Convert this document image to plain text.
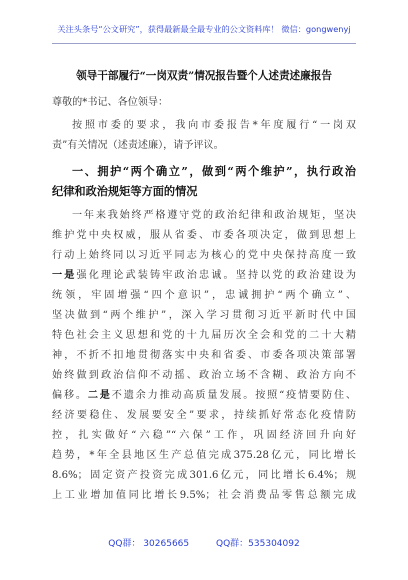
关注头条号“公文研究”，获得最新最全最专业的公文资料库！ 微信：gongwenyj
领导干部履行“一岗双责”情况报告暨个人述责述廉报告
尊敬的*书记、各位领导：
按照市委的要求，我向市委报告*年度履行“一岗双
责”有关情况（述责述廉），请予评议。
一、拥护“两个确立”，做到“两个维护”，执行政治
纪律和政治规矩等方面的情况
一年来我始终严格遵守党的政治纪律和政治规矩，坚决
维护党中央权威，服从省委、市委各项决定，做到思想上
行动上始终同以习近平同志为核心的党中央保持高度一致
一是强化理论武装铸牢政治忠诚。坚持以党的政治建设为
统领，牢固增强“四个意识”，忠诚拥护“两个确立”、
坚决做到“两个维护”，深入学习贯彻习近平新时代中国
特色社会主义思想和党的十九届历次全会和党的二十大精
神，不折不扣地贯彻落实中央和省委、市委各项决策部署
始终做到政治信仰不动摇、政治立场不含糊、政治方向不
偏移。二是不遗余力推动高质量发展。按照“疫情要防住、
经济要稳住、发展要安全”要求，持续抓好常态化疫情防
控，扎实做好“六稳”“六保”工作，巩固经济回升向好
趋势，*年全县地区生产总值完成375.28亿元，同比增长
8.6%；固定资产投资完成301.6亿元，同比增长6.4%；规
上工业增加值同比增长9.5%；社会消费品零售总额完成
QQ群： 30265665	QQ群：535304092
